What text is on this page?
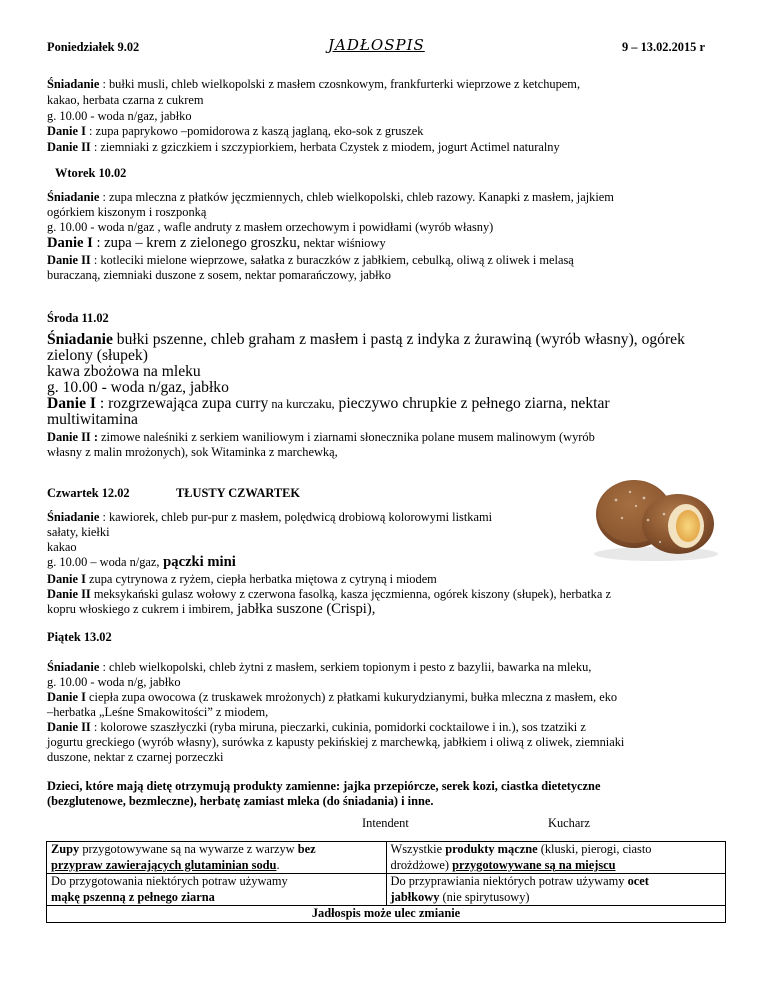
Poniedziałek 9.02	JADŁOSPIS	9 – 13.02.2015 r
Śniadanie : bułki musli, chleb wielkopolski z masłem czosnkowym, frankfurterki wieprzowe z ketchupem,
kakao, herbata czarna z cukrem
g. 10.00 - woda n/gaz, jabłko
Danie I : zupa paprykowo –pomidorowa z kaszą jaglaną, eko-sok z gruszek
Danie II : ziemniaki z gziczkiem i szczypiorkiem, herbata Czystek z miodem, jogurt Actimel naturalny
Wtorek 10.02
Śniadanie : zupa mleczna z płatków jęczmiennych, chleb wielkopolski, chleb razowy. Kanapki z masłem, jajkiem
ogórkiem kiszonym i roszponką
g. 10.00 - woda n/gaz , wafle andruty z masłem orzechowym i powidłami (wyrób własny)
Danie I : zupa – krem z zielonego groszku, nektar wiśniowy
Danie II : kotleciki mielone wieprzowe, sałatka z buraczków z jabłkiem, cebulką, oliwą z oliwek i melasą
buraczaną, ziemniaki duszone z sosem, nektar pomarańczowy, jabłko
Środa 11.02
Śniadanie bułki pszenne, chleb graham z masłem i pastą z indyka z żurawiną (wyrób własny), ogórek
zielony (słupek)
kawa zbożowa na mleku
g. 10.00 - woda n/gaz, jabłko
Danie I : rozgrzewająca zupa curry na kurczaku, pieczywo chrupkie z pełnego ziarna, nektar
multiwitamina
Danie II : zimowe naleśniki z serkiem waniliowym i ziarnami słonecznika polane musem malinowym (wyrób
własny z malin mrożonych), sok Witaminka z marchewką,
Czwartek 12.02	TŁUSTY CZWARTEK
Śniadanie : kawiorek, chleb pur-pur z masłem, polędwicą drobiową kolorowymi listkami
sałaty, kiełki
kakao
g. 10.00 – woda n/gaz, pączki mini
Danie I zupa cytrynowa z ryżem, ciepła herbatka miętowa z cytryną i miodem
Danie II meksykański gulasz wołowy z czerwona fasolką, kasza jęczmienna, ogórek kiszony (słupek), herbatka z
kopru włoskiego z cukrem i imbirem, jabłka suszone (Crispi),
Piątek 13.02
Śniadanie : chleb wielkopolski, chleb żytni z masłem, serkiem topionym i pesto z bazylii, bawarka na mleku,
g. 10.00 - woda n/g, jabłko
Danie I ciepła zupa owocowa (z truskawek mrożonych) z płatkami kukurydzianymi, bułka mleczna z masłem, eko
–herbatka „Leśne Smakowitości” z miodem,
Danie II : kolorowe szaszłyczki (ryba miruna, pieczarki, cukinia, pomidorki cocktailowe i in.), sos tzatziki z
jogurtu greckiego (wyrób własny), surówka z kapusty pekińskiej z marchewką, jabłkiem i oliwą z oliwek, ziemniaki
duszone, nektar z czarnej porzeczki
Dzieci, które mają dietę otrzymują produkty zamienne: jajka przepiórcze, serek kozi, ciastka dietetyczne
(bezglutenowe, bezmleczne), herbatę zamiast mleka (do śniadania) i inne.
Intendent	Kucharz
Zupy przygotowywane są na wywarze z warzyw bez
przypraw zawierających glutaminian sodu.	Wszystkie produkty mączne (kluski, pierogi, ciasto
drożdżowe) przygotowywane są na miejscu
Do przygotowania niektórych potraw używamy
mąkę pszenną z pełnego ziarna	Do przyprawiania niektórych potraw używamy ocet
jabłkowy (nie spirytusowy)
Jadłospis może ulec zmianie	
